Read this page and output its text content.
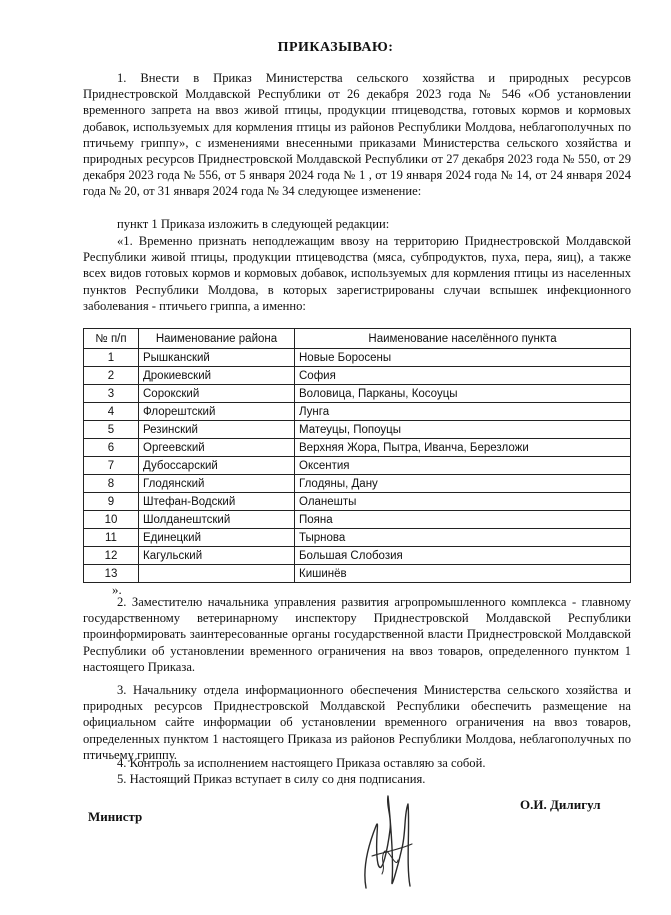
ПРИКАЗЫВАЮ:

1. Внести в Приказ Министерства сельского хозяйства и природных ресурсов Приднестровской Молдавской Республики от 26 декабря 2023 года № 546 «Об установлении временного запрета на ввоз живой птицы, продукции птицеводства, готовых кормов и кормовых добавок, используемых для кормления птицы из районов Республики Молдова, неблагополучных по птичьему гриппу», с изменениями внесенными приказами Министерства сельского хозяйства и природных ресурсов Приднестровской Молдавской Республики от 27 декабря 2023 года № 550, от 29 декабря 2023 года № 556, от 5 января 2024 года № 1 , от 19 января 2024 года № 14, от 24 января 2024 года № 20, от 31 января 2024 года № 34 следующее изменение:

пункт 1 Приказа изложить в следующей редакции:

«1. Временно признать неподлежащим ввозу на территорию Приднестровской Молдавской Республики живой птицы, продукции птицеводства (мяса, субпродуктов, пуха, пера, яиц), а также всех видов готовых кормов и кормовых добавок, используемых для кормления птицы из населенных пунктов Республики Молдова, в которых зарегистрированы случаи вспышек инфекционного заболевания - птичьего гриппа, а именно:

№ п/п	Наименование района	Наименование населённого пункта
1	Рышканский	Новые Боросены
2	Дрокиевский	София
3	Сорокский	Воловица, Парканы, Косоуцы
4	Флорештский	Лунга
5	Резинский	Матеуцы, Попоуцы
6	Оргеевский	Верхняя Жора, Пытра, Иванча, Березложи
7	Дубоссарский	Оксентия
8	Глодянский	Глодяны, Дану
9	Штефан-Водский	Оланешты
10	Шолданештский	Пояна
11	Единецкий	Тырнова
12	Кагульский	Большая Слобозия
13		Кишинёв
».

2. Заместителю начальника управления развития агропромышленного комплекса - главному государственному ветеринарному инспектору Приднестровской Молдавской Республики проинформировать заинтересованные органы государственной власти Приднестровской Молдавской Республики об установлении временного ограничения на ввоз товаров, определенного пунктом 1 настоящего Приказа.

3. Начальнику отдела информационного обеспечения Министерства сельского хозяйства и природных ресурсов Приднестровской Молдавской Республики обеспечить размещение на официальном сайте информации об установлении временного ограничения на ввоз товаров, определенных пунктом 1 настоящего Приказа из районов Республики Молдова, неблагополучных по птичьему гриппу.

4. Контроль за исполнением настоящего Приказа оставляю за собой.

5. Настоящий Приказ вступает в силу со дня подписания.

Министр
О.И. Дилигул
